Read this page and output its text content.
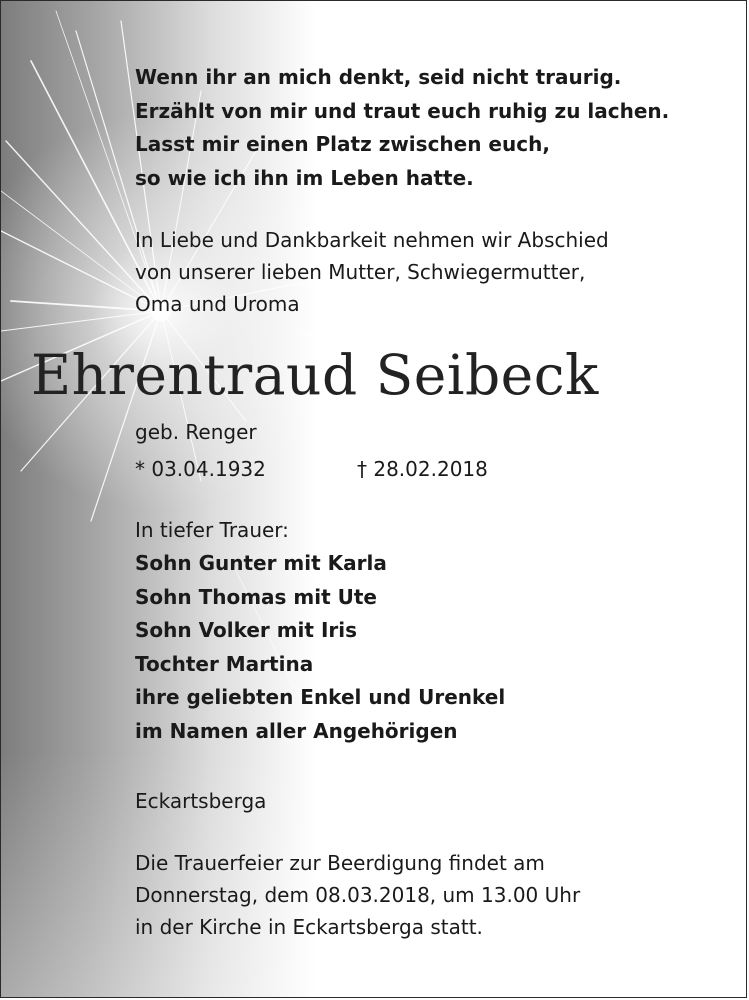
Wenn ihr an mich denkt, seid nicht traurig.
Erzählt von mir und traut euch ruhig zu lachen.
Lasst mir einen Platz zwischen euch,
so wie ich ihn im Leben hatte.
In Liebe und Dankbarkeit nehmen wir Abschied
von unserer lieben Mutter, Schwiegermutter,
Oma und Uroma
Ehrentraud Seibeck
geb. Renger
* 03.04.1932	† 28.02.2018
In tiefer Trauer:
Sohn Gunter mit Karla
Sohn Thomas mit Ute
Sohn Volker mit Iris
Tochter Martina
ihre geliebten Enkel und Urenkel
im Namen aller Angehörigen
Eckartsberga
Die Trauerfeier zur Beerdigung findet am
Donnerstag, dem 08.03.2018, um 13.00 Uhr
in der Kirche in Eckartsberga statt.
